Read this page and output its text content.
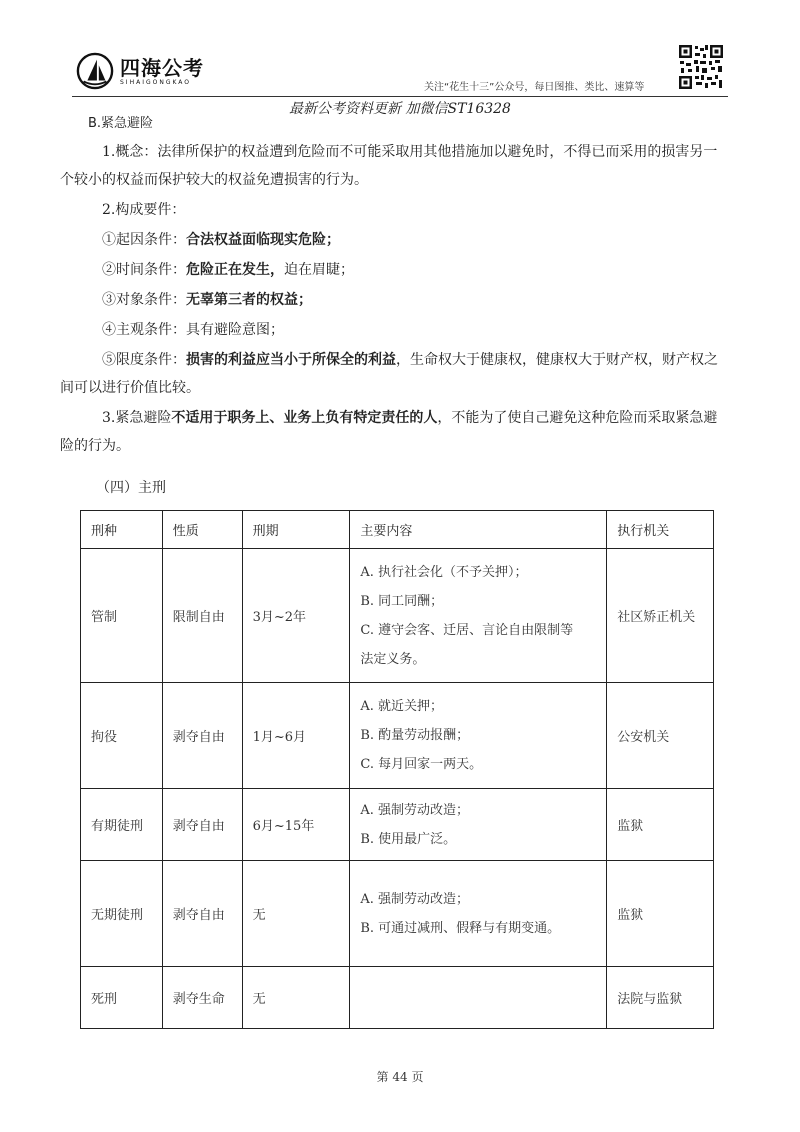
四海公考
SIHAIGONGKAO	关注“花生十三”公众号，每日图推、类比、速算等
最新公考资料更新 加微信ST16328
B.紧急避险
1.概念：法律所保护的权益遭到危险而不可能采取用其他措施加以避免时，不得已而采用的损害另一
个较小的权益而保护较大的权益免遭损害的行为。
2.构成要件：
①起因条件：合法权益面临现实危险；
②时间条件：危险正在发生，迫在眉睫；
③对象条件：无辜第三者的权益；
④主观条件：具有避险意图；
⑤限度条件：损害的利益应当小于所保全的利益，生命权大于健康权，健康权大于财产权，财产权之
间可以进行价值比较。
3.紧急避险不适用于职务上、业务上负有特定责任的人，不能为了使自己避免这种危险而采取紧急避
险的行为。
（四）主刑
刑种	性质	刑期	主要内容	执行机关
管制	限制自由	3月~2年	A. 执行社会化（不予关押）；
B. 同工同酬；
C. 遵守会客、迁居、言论自由限制等
法定义务。	社区矫正机关
拘役	剥夺自由	1月~6月	A. 就近关押；
B. 酌量劳动报酬；
C. 每月回家一两天。	公安机关
有期徒刑	剥夺自由	6月~15年	A. 强制劳动改造；
B. 使用最广泛。	监狱
无期徒刑	剥夺自由	无	A. 强制劳动改造；
B. 可通过减刑、假释与有期变通。	监狱
死刑	剥夺生命	无		法院与监狱
第 44 页
